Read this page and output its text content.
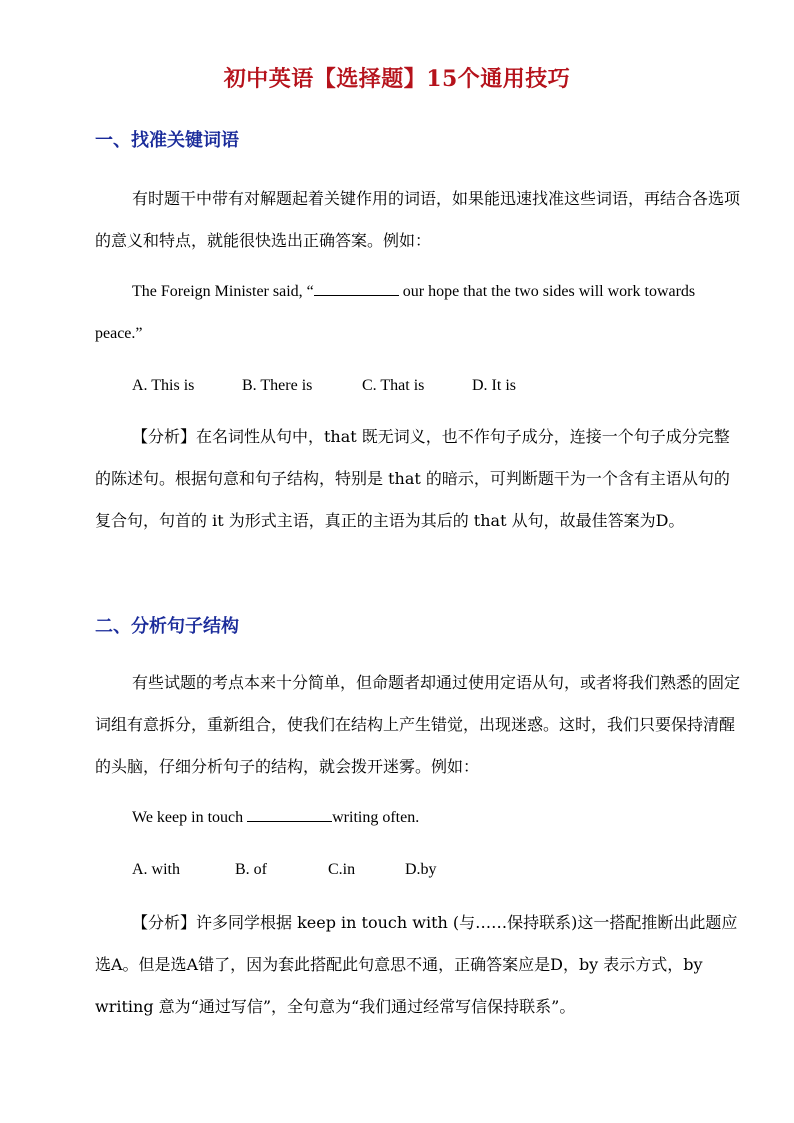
初中英语【选择题】15个通用技巧
一、找准关键词语
有时题干中带有对解题起着关键作用的词语，如果能迅速找准这些词语，再结合各选项的意义和特点，就能很快选出正确答案。例如：
The Foreign Minister said, “	our hope that the two sides will work towards peace.”
A. This is	B. There is	C. That is	D. It is
【分析】在名词性从句中，that 既无词义，也不作句子成分，连接一个句子成分完整的陈述句。根据句意和句子结构，特别是 that 的暗示，可判断题干为一个含有主语从句的复合句，句首的 it 为形式主语，真正的主语为其后的 that 从句，故最佳答案为D。
二、分析句子结构
有些试题的考点本来十分简单，但命题者却通过使用定语从句，或者将我们熟悉的固定词组有意拆分，重新组合，使我们在结构上产生错觉，出现迷惑。这时，我们只要保持清醒的头脑，仔细分析句子的结构，就会拨开迷雾。例如：
We keep in touch	writing often.
A. with	B. of	C.in	D.by
【分析】许多同学根据 keep in touch with (与……保持联系)这一搭配推断出此题应选A。但是选A错了，因为套此搭配此句意思不通，正确答案应是D，by 表示方式，by writing 意为“通过写信”，全句意为“我们通过经常写信保持联系”。
